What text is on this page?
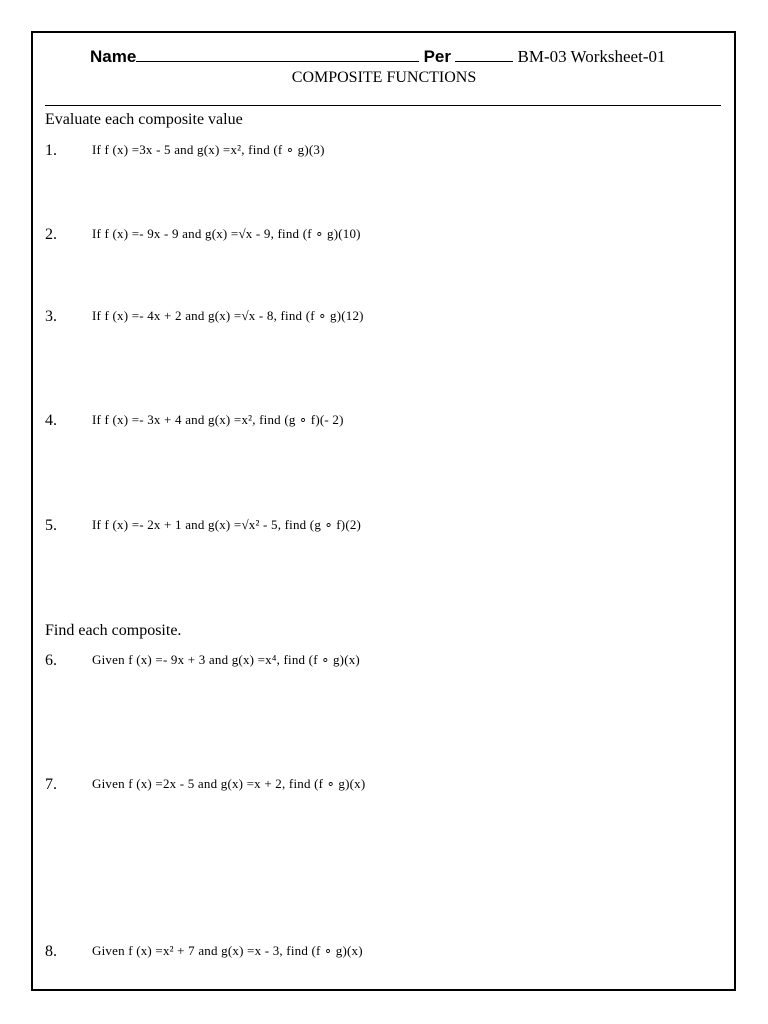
Name	Per	BM-03 Worksheet-01
COMPOSITE FUNCTIONS
Evaluate each composite value
1.	If f (x) =3x - 5 and g(x) =x², find (f ∘ g)(3)
2.	If f (x) =- 9x - 9 and g(x) =√x - 9, find (f ∘ g)(10)
3.	If f (x) =- 4x + 2 and g(x) =√x - 8, find (f ∘ g)(12)
4.	If f (x) =- 3x + 4 and g(x) =x², find (g ∘ f)(- 2)
5.	If f (x) =- 2x + 1 and g(x) =√x² - 5, find (g ∘ f)(2)
Find each composite.
6.	Given f (x) =- 9x + 3 and g(x) =x⁴, find (f ∘ g)(x)
7.	Given f (x) =2x - 5 and g(x) =x + 2, find (f ∘ g)(x)
8.	Given f (x) =x² + 7 and g(x) =x - 3, find (f ∘ g)(x)
